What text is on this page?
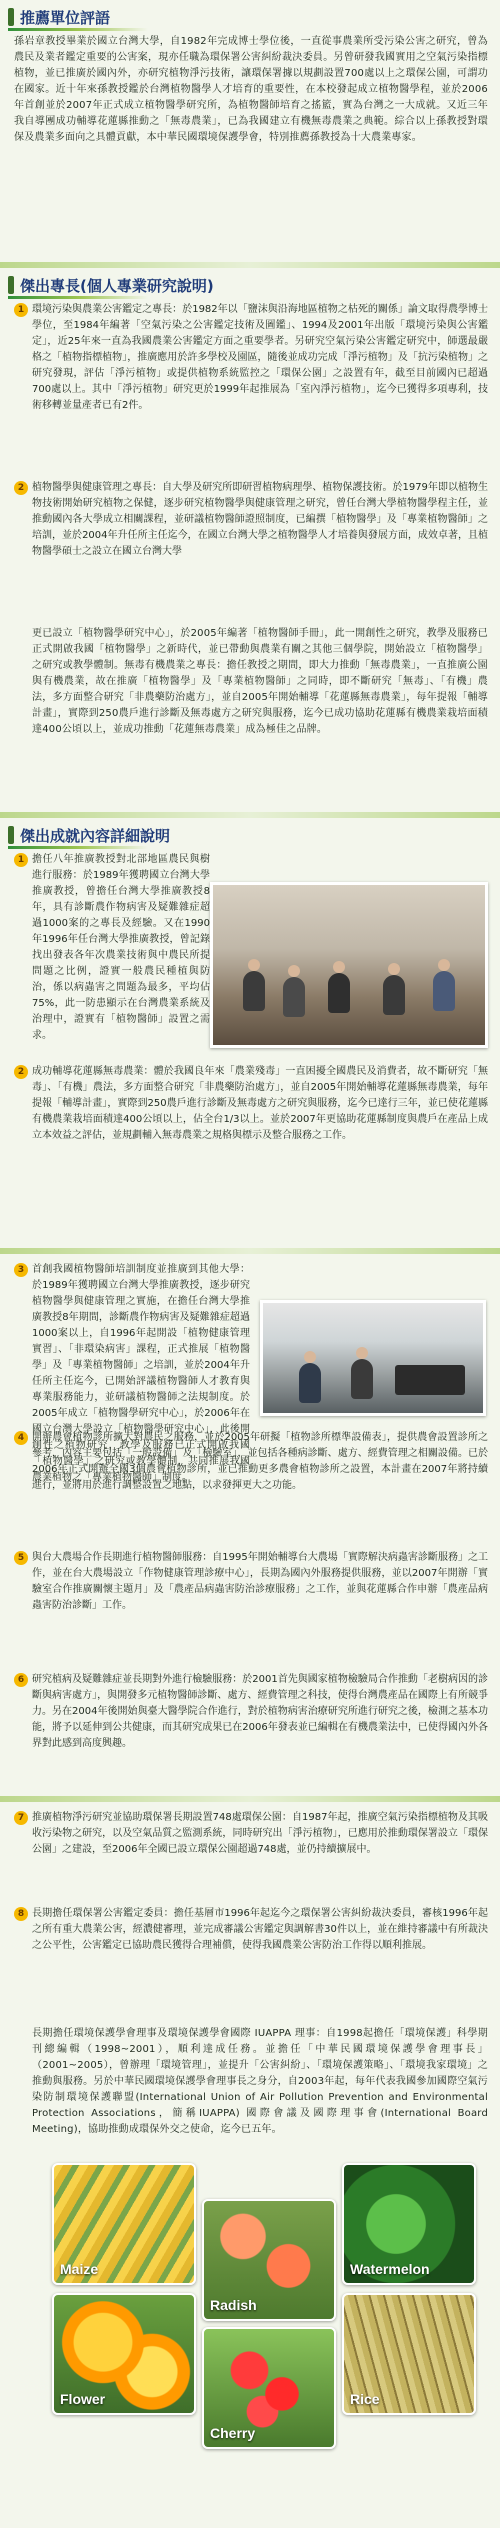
推薦單位評語
孫岩章教授畢業於國立台灣大學，自1982年完成博士學位後，一直從事農業所受污染公害之研究，曾為農民及業者鑑定重要的公害案，現亦任職為環保署公害糾紛裁決委員。另曾研發我國實用之空氣污染指標植物，並已推廣於國內外，亦研究植物淨污技術，讓環保署據以規劃設置700處以上之環保公園，可謂功在國家。近十年來孫教授鑑於台灣植物醫學人才培育的重要性，在本校發起成立植物醫學程，並於2006年首創並於2007年正式成立植物醫學研究所，為植物醫師培育之搖籃，實為台灣之一大成就。又近三年我自導團成功輔導花蓮縣推動之「無毒農業」，已為我國建立有機無毒農業之典範。綜合以上孫教授對環保及農業多面向之具體貢獻，本中華民國環境保護學會，特別推薦孫教授為十大農業專家。
傑出專長(個人專業研究說明)
1 環境污染與農業公害鑑定之專長：於1982年以「鹽沫與沿海地區植物之枯死的關係」論文取得農學博士學位，至1984年編著「空氣污染之公害鑑定技術及圖鑑」、1994及2001年出版「環境污染與公害鑑定」，近25年來一直為我國農業公害鑑定方面之重要學者。另研究空氣污染公害鑑定研究中，師選最嚴格之「植物指標植物」，推廣應用於許多學校及園區，隨後並成功完成「淨污植物」及「抗污染植物」之研究發現，評估「淨污植物」或提供植物系統監控之「環保公園」之設置有年，截至目前國內已超過700處以上。其中「淨污植物」研究更於1999年起推展為「室內淨污植物」，迄今已獲得多項專利，技術移轉並量產者已有2件。
2 植物醫學與健康管理之專長：自大學及研究所即研習植物病理學、植物保護技術。於1979年即以植物生物技術開始研究植物之保健，逐步研究植物醫學與健康管理之研究，曾任台灣大學植物醫學程主任，並推動國內各大學成立相關課程，並研議植物醫師證照制度，已編撰「植物醫學」及「專業植物醫師」之培訓，並於2004年升任所主任迄今，在國立台灣大學之植物醫學人才培養與發展方面，成效卓著，且植物醫學碩士之設立在國立台灣大學
更已設立「植物醫學研究中心」，於2005年編著「植物醫師手冊」，此一開創性之研究，教學及服務已正式開啟我國「植物醫學」之新時代，並已帶動與農業有關之其他三個學院，開始設立「植物醫學」之研究或教學體制。無毒有機農業之專長：擔任教授之期間，即大力推動「無毒農業」，一直推廣公園與有機農業，故在推廣「植物醫學」及「專業植物醫師」之同時，即不斷研究「無毒」、「有機」農法，多方面整合研究「非農藥防治處方」，並自2005年開始輔導「花蓮縣無毒農業」，每年提報「輔導計畫」，實際到250農戶進行診斷及無毒處方之研究與服務，迄今已成功協助花蓮縣有機農業栽培面積達400公頃以上，並成功推動「花蓮無毒農業」成為極佳之品牌。
傑出成就內容詳細說明
1 擔任八年推廣教授對北部地區農民與樹進行服務：於1989年獲聘國立台灣大學推廣教授，曾擔任台灣大學推廣教授8年，具有診斷農作物病害及疑難雜症超過1000案的之專長及經驗。又在1990年1996年任台灣大學推廣教授，曾記錄找出發表各年次農業技術與中農民所提問題之比例，證實一般農民種植與防治，係以病蟲害之問題為最多，平均佔75%，此一防患顯示在台灣農業系統及治理中，證實有「植物醫師」設置之需求。
2 成功輔導花蓮縣無毒農業：體於我國良年來「農業殘毒」一直困擾全國農民及消費者，故不斷研究「無毒」、「有機」農法，多方面整合研究「非農藥防治處方」，並自2005年開始輔導花蓮縣無毒農業，每年提報「輔導計畫」，實際到250農戶進行診斷及無毒處方之研究與服務，迄今已達行三年，並已使花蓮縣有機農業栽培面積達400公頃以上，佔全台1/3以上。並於2007年更協助花蓮縣制度與農戶在產品上成立本效益之評估，並規劃輔入無毒農業之規格與標示及整合服務之工作。
3 首創我國植物醫師培訓制度並推廣到其他大學：於1989年獲聘國立台灣大學推廣教授，逐步研究植物醫學與健康管理之實施，在擔任台灣大學推廣教授8年期間，診斷農作物病害及疑難雜症超過1000案以上，自1996年起開設「植物健康管理實習」、「非環染病害」課程，正式推展「植物醫學」及「專業植物醫師」之培訓，並於2004年升任所主任迄今，已開始評議植物醫師人才教育與專業服務能力，並研議植物醫師之法規制度。於2005年成立「植物醫學研究中心」，於2006年在國立台灣大學設立「植物醫學研究中心」，此後開創性之植物研究，教學及服務已正式開啟我國「植物醫學」之研究或教學體制，共同推展我國農業植物之「專業植物醫師」制度。
4 開辦農會植物診所擴大對農民之服務，並於2005年研擬「植物診所標準設備表」，提供農會設置診所之參考，內容主要包括「一般設備」及「檢驗室」，並包括各種病診斷、處方、經費管理之相關設備。已於2006年正式開辦全國3個農會植物診所，並已推動更多農會植物診所之設置，本計畫在2007年將持續進行，並將用於進行調整設置之地點，以求發揮更大之功能。
5 與台大農場合作長期進行植物醫師服務：自1995年開始輔導台大農場「實際解決病蟲害診斷服務」之工作，並在台大農場設立「作物健康管理診療中心」，長期為國內外服務提供服務，並以2007年開辦「實驗室合作推廣關懷主題月」及「農產品病蟲害防治診療服務」之工作，並與花蓮縣合作申辦「農產品病蟲害防治診斷」工作。
6 研究植病及疑難雜症並長期對外進行檢驗服務：於2001首先與國家植物檢驗局合作推動「老樹病因的診斷與病害處方」，與開發多元植物醫師診斷、處方、經費管理之科技，使得台灣農產品在國際上有所競爭力。另在2004年後開始與臺大醫學院合作進行，對於植物病害治療研究所進行研究之後，檢測之基本功能，將予以延伸到公共健康，而其研究成果已在2006年發表並已編輯在有機農業法中，已使得國內外各界對此感到高度興趣。
7 推廣植物淨污研究並協助環保署長期設置748處環保公園：自1987年起，推廣空氣污染指標植物及其吸收污染物之研究，以及空氣品質之監測系統，同時研究出「淨污植物」，已應用於推動環保署設立「環保公園」之建設，至2006年全國已設立環保公園超過748處，並仍持續擴展中。
8 長期擔任環保署公害鑑定委員：擔任基層市1996年起迄今之環保署公害糾紛裁決委員，審核1996年起之所有重大農業公害，經濃健審理，並完成審議公害鑑定與調解書30件以上，並在維持審議中有所裁決之公平性，公害鑑定已協助農民獲得合理補償，使得我國農業公害防治工作得以順利推展。
長期擔任環境保護學會理事及環境保護學會國際 IUAPPA 理事：自1998起擔任「環境保護」科學期刊總編輯（1998~2001），順利達成任務。並擔任「中華民國環境保護學會理事長」（2001~2005），曾辦理「環境管理」，並提升「公害糾紛」、「環境保護策略」、「環境我家環境」之推動與服務。另於中華民國環境保護學會理事長之身分，自2003年起，每年代表我國參加國際空氣污染防制環境保護聯盟(International Union of Air Pollution Prevention and Environmental Protection Associations，簡稱IUAPPA) 國際會議及國際理事會(International Board Meeting)，協助推動成環保外交之使命，迄今已五年。
Maize
Radish
Watermelon
Flower	Rice
Cherry
